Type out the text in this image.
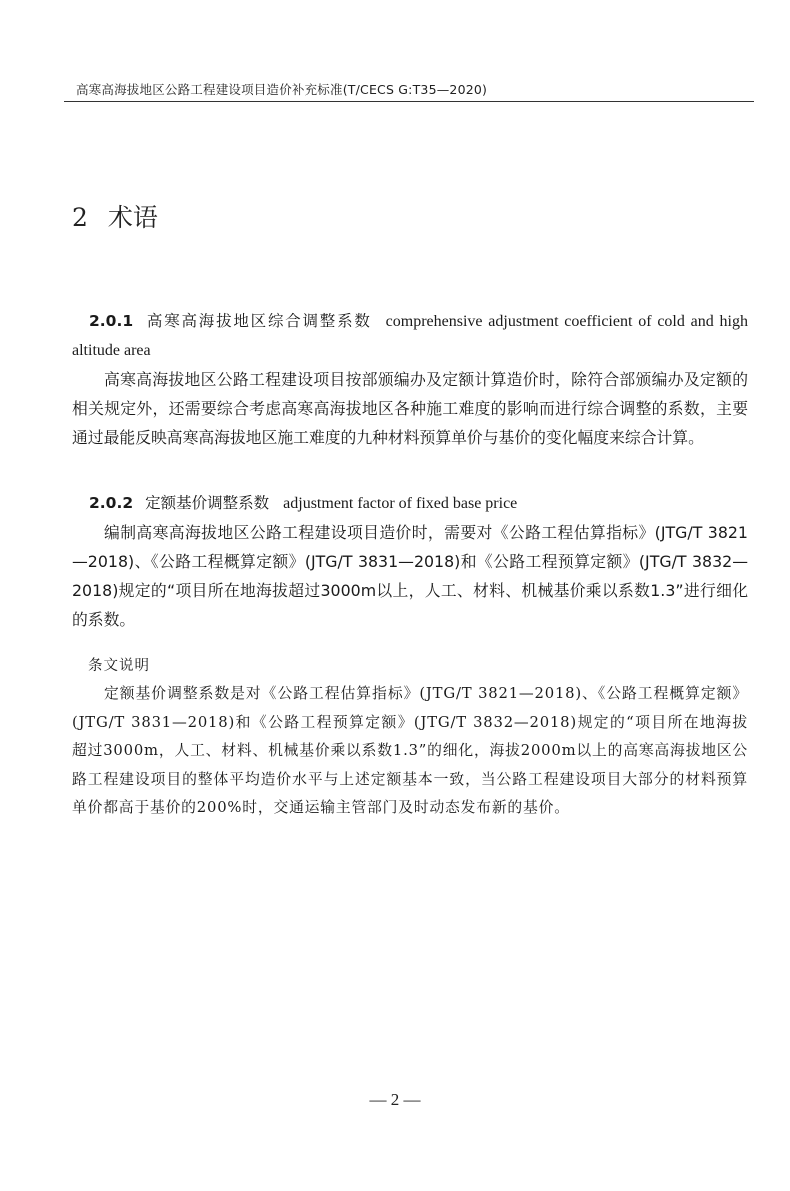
高寒高海拔地区公路工程建设项目造价补充标准(T/CECS G:T35—2020)
2 术语
2.0.1 高寒高海拔地区综合调整系数 comprehensive adjustment coefficient of cold and high altitude area
高寒高海拔地区公路工程建设项目按部颁编办及定额计算造价时，除符合部颁编办及定额的相关规定外，还需要综合考虑高寒高海拔地区各种施工难度的影响而进行综合调整的系数，主要通过最能反映高寒高海拔地区施工难度的九种材料预算单价与基价的变化幅度来综合计算。
2.0.2 定额基价调整系数 adjustment factor of fixed base price
编制高寒高海拔地区公路工程建设项目造价时，需要对《公路工程估算指标》(JTG/T 3821—2018)、《公路工程概算定额》(JTG/T 3831—2018)和《公路工程预算定额》(JTG/T 3832—2018)规定的“项目所在地海拔超过3000m以上，人工、材料、机械基价乘以系数1.3”进行细化的系数。
条文说明
定额基价调整系数是对《公路工程估算指标》(JTG/T 3821—2018)、《公路工程概算定额》(JTG/T 3831—2018)和《公路工程预算定额》(JTG/T 3832—2018)规定的“项目所在地海拔超过3000m，人工、材料、机械基价乘以系数1.3”的细化，海拔2000m以上的高寒高海拔地区公路工程建设项目的整体平均造价水平与上述定额基本一致，当公路工程建设项目大部分的材料预算单价都高于基价的200%时，交通运输主管部门及时动态发布新的基价。
— 2 —
